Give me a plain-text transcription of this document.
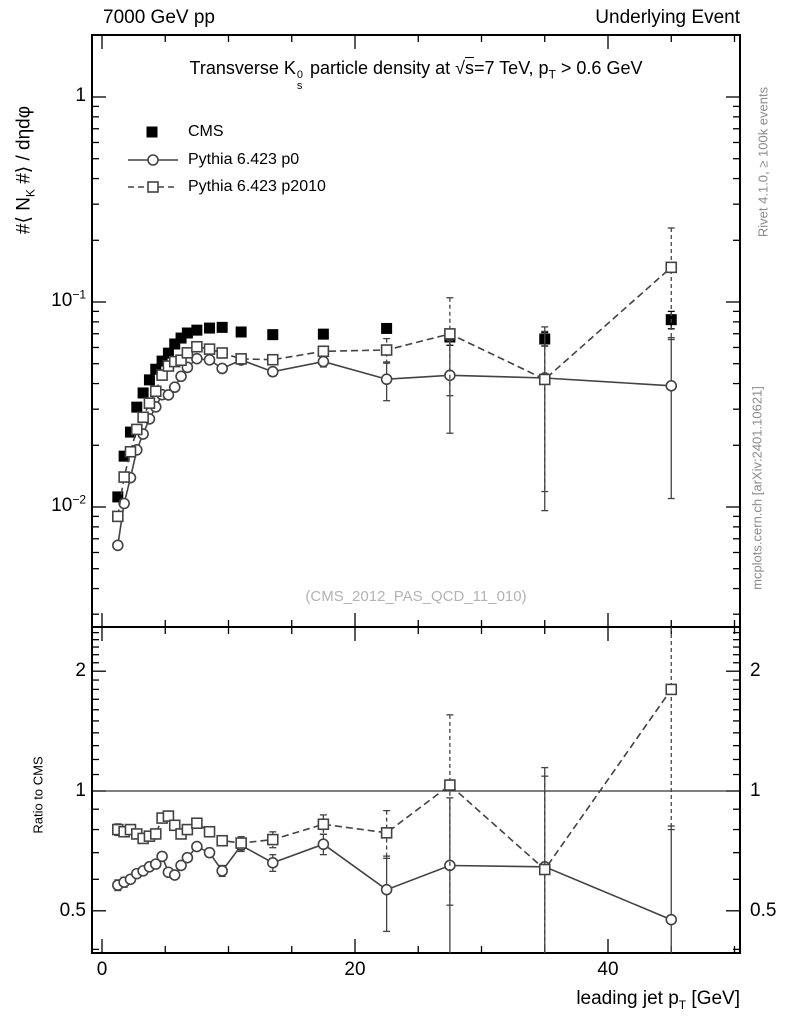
7000 GeV pp	Underlying Event
Transverse K 0
s
particle density at √s=7 TeV, $p_T > 0.6$ GeV
CMS
Pythia 6.423 p0
Pythia 6.423 p2010
(CMS_2012_PAS_QCD_11_010)
#⟨ $N_K$ #⟩ / dηdφ
Ratio to CMS
leading jet $p_T$ [GeV]
Rivet 4.1.0, ≥ 100k events
mcplots.cern.ch [arXiv:2401.10621]
1
$10^{-1}$
$10^{-2}$
2	2
1	1
0.5	0.5
0	20	40
